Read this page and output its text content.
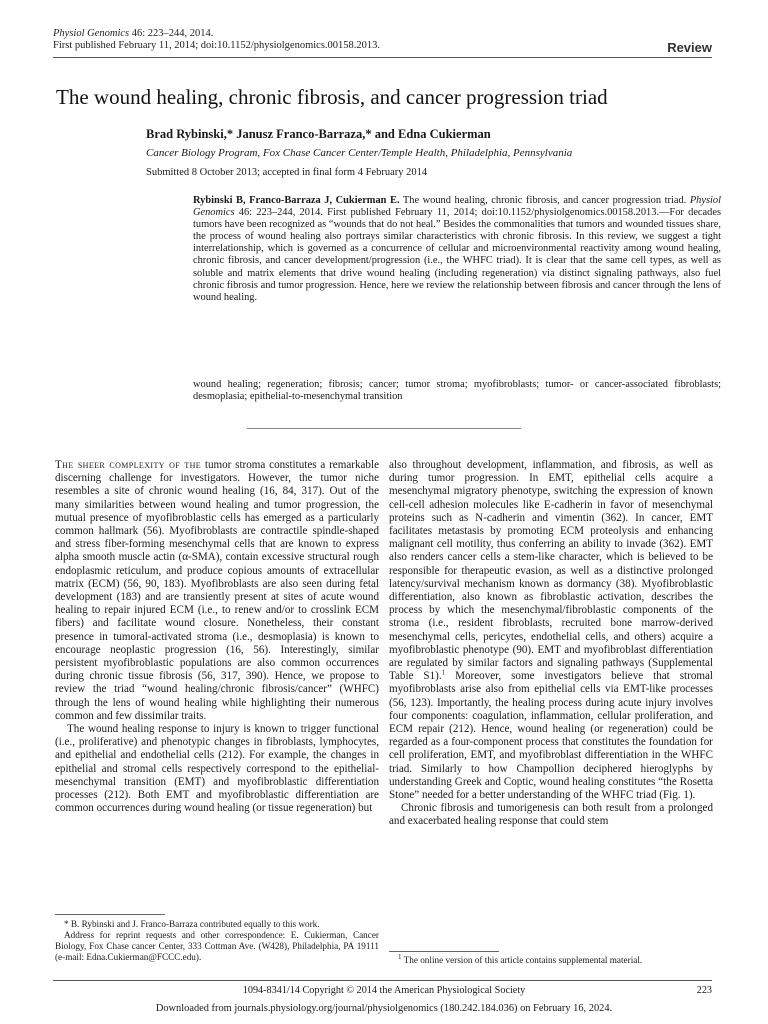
Physiol Genomics 46: 223–244, 2014.
First published February 11, 2014; doi:10.1152/physiolgenomics.00158.2013.	Review
The wound healing, chronic fibrosis, and cancer progression triad
Brad Rybinski,* Janusz Franco-Barraza,* and Edna Cukierman
Cancer Biology Program, Fox Chase Cancer Center/Temple Health, Philadelphia, Pennsylvania
Submitted 8 October 2013; accepted in final form 4 February 2014

Rybinski B, Franco-Barraza J, Cukierman E. The wound healing, chronic fibrosis, and cancer progression triad. Physiol Genomics 46: 223–244, 2014. First published February 11, 2014; doi:10.1152/physiolgenomics.00158.2013.—For decades tumors have been recognized as “wounds that do not heal.” Besides the commonalities that tumors and wounded tissues share, the process of wound healing also portrays similar characteristics with chronic fibrosis. In this review, we suggest a tight interrelationship, which is governed as a concurrence of cellular and microenvironmental reactivity among wound healing, chronic fibrosis, and cancer development/progression (i.e., the WHFC triad). It is clear that the same cell types, as well as soluble and matrix elements that drive wound healing (including regeneration) via distinct signaling pathways, also fuel chronic fibrosis and tumor progression. Hence, here we review the relationship between fibrosis and cancer through the lens of wound healing.

wound healing; regeneration; fibrosis; cancer; tumor stroma; myofibroblasts; tumor- or cancer-associated fibroblasts; desmoplasia; epithelial-to-mesenchymal transition

The sheer complexity of the tumor stroma constitutes a remarkable discerning challenge for investigators. However, the tumor niche resembles a site of chronic wound healing (16, 84, 317). Out of the many similarities between wound healing and tumor progression, the mutual presence of myofibroblastic cells has emerged as a particularly common hallmark (56). Myofibroblasts are contractile spindle-shaped and stress fiber-forming mesenchymal cells that are known to express alpha smooth muscle actin (α-SMA), contain excessive structural rough endoplasmic reticulum, and produce copious amounts of extracellular matrix (ECM) (56, 90, 183). Myofibroblasts are also seen during fetal development (183) and are transiently present at sites of acute wound healing to repair injured ECM (i.e., to renew and/or to crosslink ECM fibers) and facilitate wound closure. Nonetheless, their constant presence in tumoral-activated stroma (i.e., desmoplasia) is known to encourage neoplastic progression (16, 56). Interestingly, similar persistent myofibroblastic populations are also common occurrences during chronic tissue fibrosis (56, 317, 390). Hence, we propose to review the triad “wound healing/chronic fibrosis/cancer” (WHFC) through the lens of wound healing while highlighting their numerous common and few dissimilar traits.

The wound healing response to injury is known to trigger functional (i.e., proliferative) and phenotypic changes in fibroblasts, lymphocytes, and epithelial and endothelial cells (212). For example, the changes in epithelial and stromal cells respectively correspond to the epithelial-mesenchymal transition (EMT) and myofibroblastic differentiation processes (212). Both EMT and myofibroblastic differentiation are common occurrences during wound healing (or tissue regeneration) but

also throughout development, inflammation, and fibrosis, as well as during tumor progression. In EMT, epithelial cells acquire a mesenchymal migratory phenotype, switching the expression of known cell-cell adhesion molecules like E-cadherin in favor of mesenchymal proteins such as N-cadherin and vimentin (362). In cancer, EMT facilitates metastasis by promoting ECM proteolysis and enhancing malignant cell motility, thus conferring an ability to invade (362). EMT also renders cancer cells a stem-like character, which is believed to be responsible for therapeutic evasion, as well as a distinctive prolonged latency/survival mechanism known as dormancy (38). Myofibroblastic differentiation, also known as fibroblastic activation, describes the process by which the mesenchymal/fibroblastic components of the stroma (i.e., resident fibroblasts, recruited bone marrow-derived mesenchymal cells, pericytes, endothelial cells, and others) acquire a myofibroblastic phenotype (90). EMT and myofibroblast differentiation are regulated by similar factors and signaling pathways (Supplemental Table S1).$^1$ Moreover, some investigators believe that stromal myofibroblasts arise also from epithelial cells via EMT-like processes (56, 123). Importantly, the healing process during acute injury involves four components: coagulation, inflammation, cellular proliferation, and ECM repair (212). Hence, wound healing (or regeneration) could be regarded as a four-component process that constitutes the foundation for cell proliferation, EMT, and myofibroblast differentiation in the WHFC triad. Similarly to how Champollion deciphered hieroglyphs by understanding Greek and Coptic, wound healing constitutes “the Rosetta Stone” needed for a better understanding of the WHFC triad (Fig. 1).

Chronic fibrosis and tumorigenesis can both result from a prolonged and exacerbated healing response that could stem

* B. Rybinski and J. Franco-Barraza contributed equally to this work.

Address for reprint requests and other correspondence: E. Cukierman, Cancer Biology, Fox Chase cancer Center, 333 Cottman Ave. (W428), Philadelphia, PA 19111 (e-mail: Edna.Cukierman@FCCC.edu).	$^1$ The online version of this article contains supplemental material.
1094-8341/14 Copyright © 2014 the American Physiological Society	223
Downloaded from journals.physiology.org/journal/physiolgenomics (180.242.184.036) on February 16, 2024.
